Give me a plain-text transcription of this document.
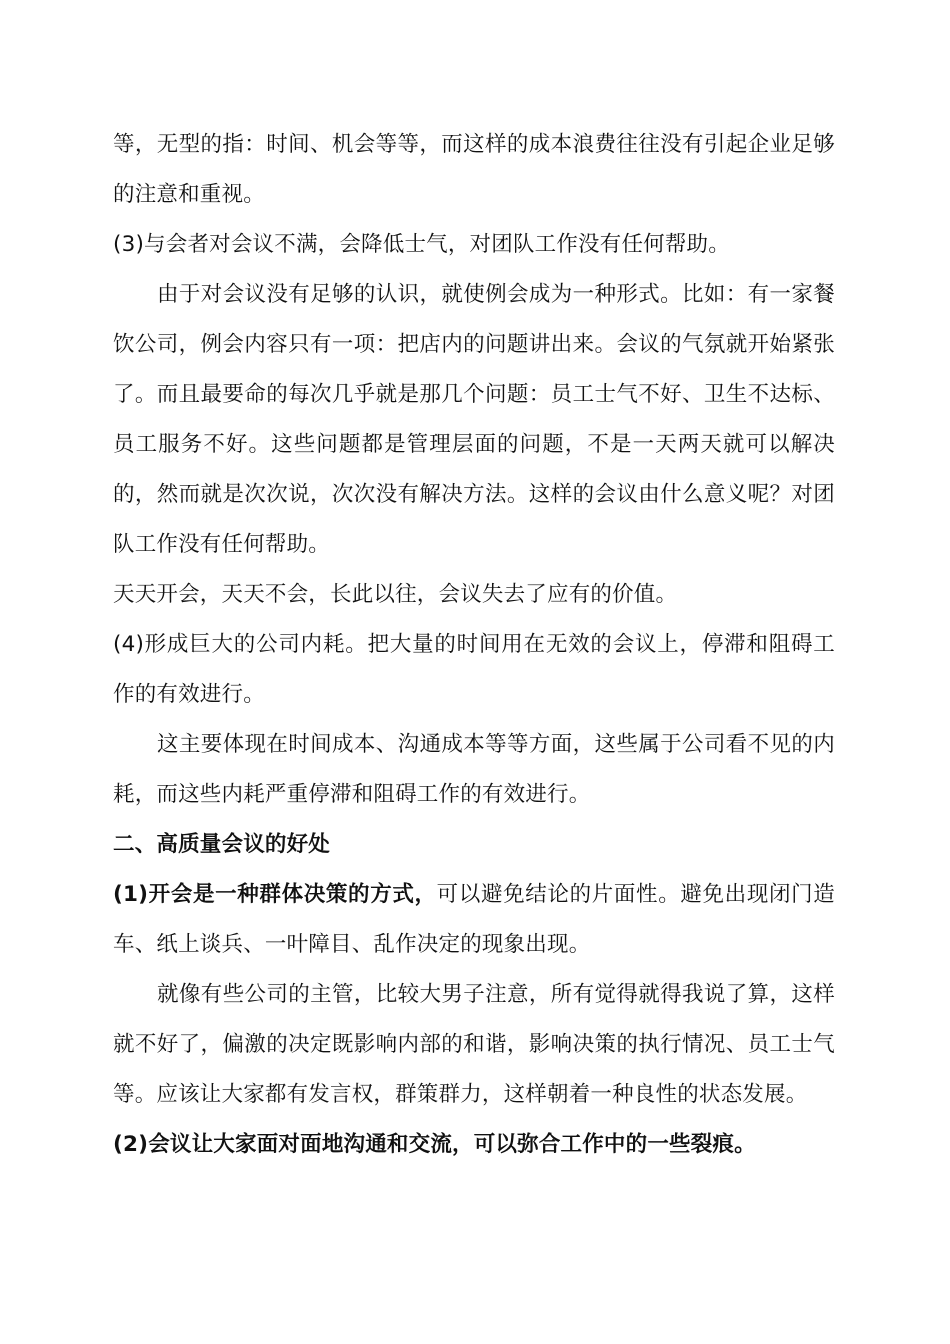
等，无型的指：时间、机会等等，而这样的成本浪费往往没有引起企业足够的注意和重视。

(3)与会者对会议不满，会降低士气，对团队工作没有任何帮助。

由于对会议没有足够的认识，就使例会成为一种形式。比如：有一家餐饮公司，例会内容只有一项：把店内的问题讲出来。会议的气氛就开始紧张了。而且最要命的每次几乎就是那几个问题：员工士气不好、卫生不达标、员工服务不好。这些问题都是管理层面的问题，不是一天两天就可以解决的，然而就是次次说，次次没有解决方法。这样的会议由什么意义呢？对团队工作没有任何帮助。

天天开会，天天不会，长此以往，会议失去了应有的价值。

(4)形成巨大的公司内耗。把大量的时间用在无效的会议上，停滞和阻碍工作的有效进行。

这主要体现在时间成本、沟通成本等等方面，这些属于公司看不见的内耗，而这些内耗严重停滞和阻碍工作的有效进行。

二、高质量会议的好处

(1)开会是一种群体决策的方式，可以避免结论的片面性。避免出现闭门造车、纸上谈兵、一叶障目、乱作决定的现象出现。

就像有些公司的主管，比较大男子注意，所有觉得就得我说了算，这样就不好了，偏激的决定既影响内部的和谐，影响决策的执行情况、员工士气等。应该让大家都有发言权，群策群力，这样朝着一种良性的状态发展。

(2)会议让大家面对面地沟通和交流，可以弥合工作中的一些裂痕。
